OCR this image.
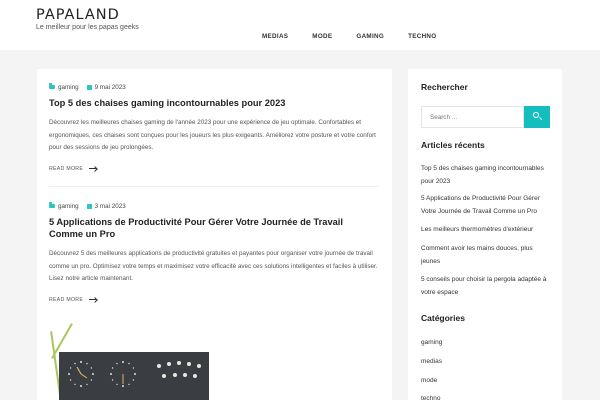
PAPALAND
Le meilleur pour les papas geeks
MEDIAS	MODE	GAMING	TECHNO
gaming	9 mai 2023
Top 5 des chaises gaming incontournables pour 2023

Découvrez les meilleures chaises gaming de l'année 2023 pour une expérience de jeu optimale. Confortables et ergonomiques, ces chaises sont conçues pour les joueurs les plus exigeants. Améliorez votre posture et votre confort pour des sessions de jeu prolongées.

READ MORE
gaming	3 mai 2023
5 Applications de Productivité Pour Gérer Votre Journée de Travail Comme un Pro

Découvrez 5 des meilleures applications de productivité gratuites et payantes pour organiser votre journée de travail comme un pro. Optimisez votre temps et maximisez votre efficacité avec ces solutions intelligentes et faciles à utiliser. Lisez notre article maintenant.

READ MORE
Rechercher
Search ...
Articles récents
Top 5 des chaises gaming incontournables pour 2023
5 Applications de Productivité Pour Gérer Votre Journée de Travail Comme un Pro
Les meilleurs thermomètres d'extérieur
Comment avoir les mains douces, plus jeunes
5 conseils pour choisir la pergola adaptée à votre espace
Catégories
gaming
medias
mode
techno
